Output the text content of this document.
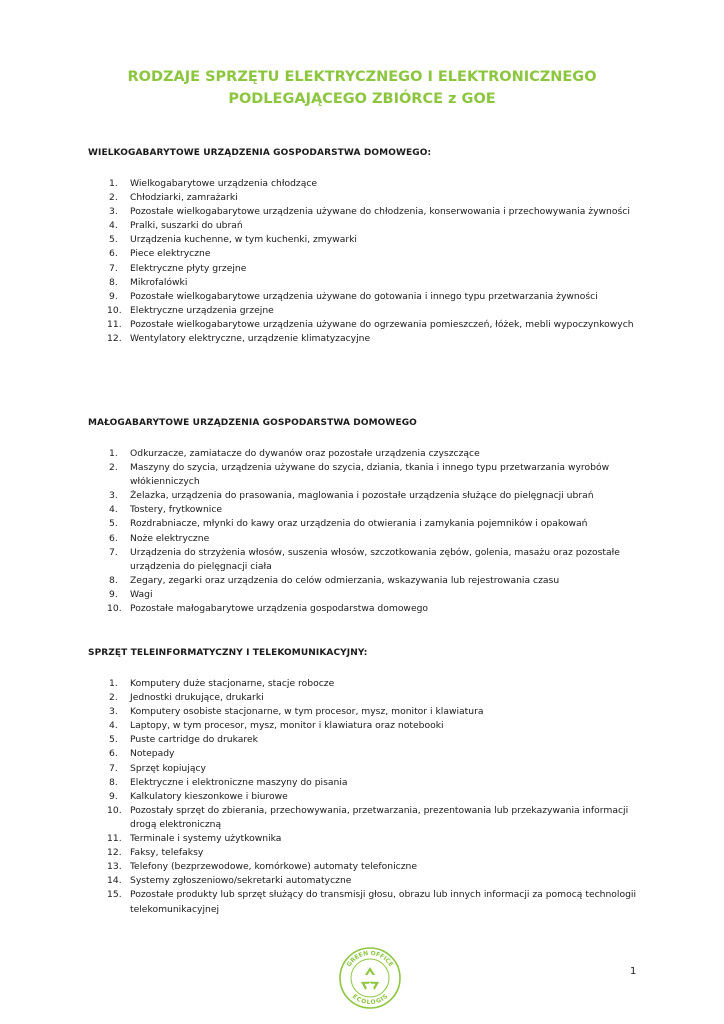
RODZAJE SPRZĘTU ELEKTRYCZNEGO I ELEKTRONICZNEGO
PODLEGAJĄCEGO ZBIÓRCE z GOE
WIELKOGABARYTOWE URZĄDZENIA GOSPODARSTWA DOMOWEGO:
1. Wielkogabarytowe urządzenia chłodzące
2. Chłodziarki, zamrażarki
3. Pozostałe wielkogabarytowe urządzenia używane do chłodzenia, konserwowania i przechowywania żywności
4. Pralki, suszarki do ubrań
5. Urządzenia kuchenne, w tym kuchenki, zmywarki
6. Piece elektryczne
7. Elektryczne płyty grzejne
8. Mikrofalówki
9. Pozostałe wielkogabarytowe urządzenia używane do gotowania i innego typu przetwarzania żywności
10. Elektryczne urządzenia grzejne
11. Pozostałe wielkogabarytowe urządzenia używane do ogrzewania pomieszczeń, łóżek, mebli wypoczynkowych
12. Wentylatory elektryczne, urządzenie klimatyzacyjne
MAŁOGABARYTOWE URZĄDZENIA GOSPODARSTWA DOMOWEGO
1. Odkurzacze, zamiatacze do dywanów oraz pozostałe urządzenia czyszczące
2. Maszyny do szycia, urządzenia używane do szycia, dziania, tkania i innego typu przetwarzania wyrobów włókienniczych
3. Żelazka, urządzenia do prasowania, maglowania i pozostałe urządzenia służące do pielęgnacji ubrań
4. Tostery, frytkownice
5. Rozdrabniacze, młynki do kawy oraz urządzenia do otwierania i zamykania pojemników i opakowań
6. Noże elektryczne
7. Urządzenia do strzyżenia włosów, suszenia włosów, szczotkowania zębów, golenia, masażu oraz pozostałe urządzenia do pielęgnacji ciała
8. Zegary, zegarki oraz urządzenia do celów odmierzania, wskazywania lub rejestrowania czasu
9. Wagi
10. Pozostałe małogabarytowe urządzenia gospodarstwa domowego
SPRZĘT TELEINFORMATYCZNY I TELEKOMUNIKACYJNY:
1. Komputery duże stacjonarne, stacje robocze
2. Jednostki drukujące, drukarki
3. Komputery osobiste stacjonarne, w tym procesor, mysz, monitor i klawiatura
4. Laptopy, w tym procesor, mysz, monitor i klawiatura oraz notebooki
5. Puste cartridge do drukarek
6. Notepady
7. Sprzęt kopiujący
8. Elektryczne i elektroniczne maszyny do pisania
9. Kalkulatory kieszonkowe i biurowe
10. Pozostały sprzęt do zbierania, przechowywania, przetwarzania, prezentowania lub przekazywania informacji drogą elektroniczną
11. Terminale i systemy użytkownika
12. Faksy, telefaksy
13. Telefony (bezprzewodowe, komórkowe) automaty telefoniczne
14. Systemy zgłoszeniowo/sekretarki automatyczne
15. Pozostałe produkty lub sprzęt służący do transmisji głosu, obrazu lub innych informacji za pomocą technologii telekomunikacyjnej
GREEN OFFICE
ECOLOGIS
1
